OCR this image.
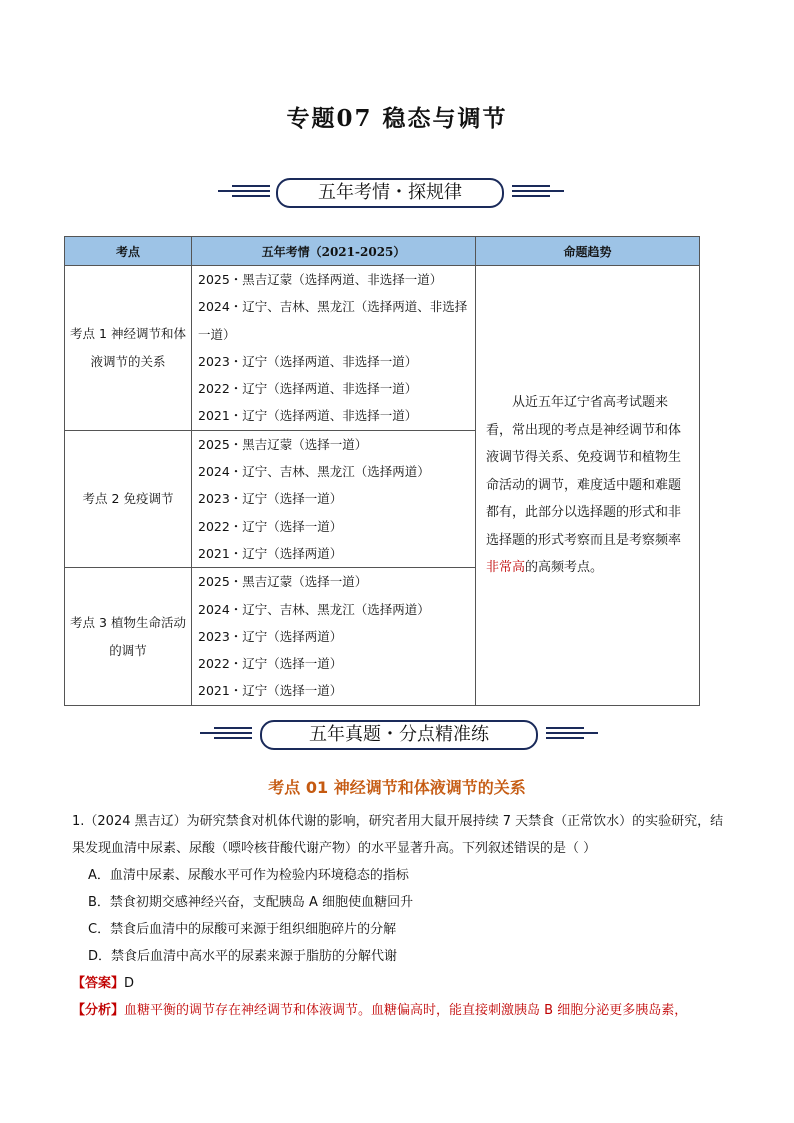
专题07 稳态与调节
五年考情・探规律
考点	五年考情（2021-2025）	命题趋势
考点 1 神经调节和体液调节的关系	2025・黑吉辽蒙（选择两道、非选择一道）
2024・辽宁、吉林、黑龙江（选择两道、非选择一道）
2023・辽宁（选择两道、非选择一道）
2022・辽宁（选择两道、非选择一道）
2021・辽宁（选择两道、非选择一道）	从近五年辽宁省高考试题来看，常出现的考点是神经调节和体液调节得关系、免疫调节和植物生命活动的调节，难度适中题和难题都有，此部分以选择题的形式和非选择题的形式考察而且是考察频率非常高的高频考点。
考点 2 免疫调节	2025・黑吉辽蒙（选择一道）
2024・辽宁、吉林、黑龙江（选择两道）
2023・辽宁（选择一道）
2022・辽宁（选择一道）
2021・辽宁（选择两道）	

考点 3 植物生命活动的调节	2025・黑吉辽蒙（选择一道）
2024・辽宁、吉林、黑龙江（选择两道）
2023・辽宁（选择两道）
2022・辽宁（选择一道）
2021・辽宁（选择一道）	
五年真题・分点精准练
考点 01 神经调节和体液调节的关系
1.（2024 黑吉辽）为研究禁食对机体代谢的影响，研究者用大鼠开展持续 7 天禁食（正常饮水）的实验研究，结果发现血清中尿素、尿酸（嘌呤核苷酸代谢产物）的水平显著升高。下列叙述错误的是（ ）
A．血清中尿素、尿酸水平可作为检验内环境稳态的指标
B．禁食初期交感神经兴奋，支配胰岛 A 细胞使血糖回升
C．禁食后血清中的尿酸可来源于组织细胞碎片的分解
D．禁食后血清中高水平的尿素来源于脂肪的分解代谢
【答案】D
【分析】血糖平衡的调节存在神经调节和体液调节。血糖偏高时，能直接刺激胰岛 B 细胞分泌更多胰岛素，
